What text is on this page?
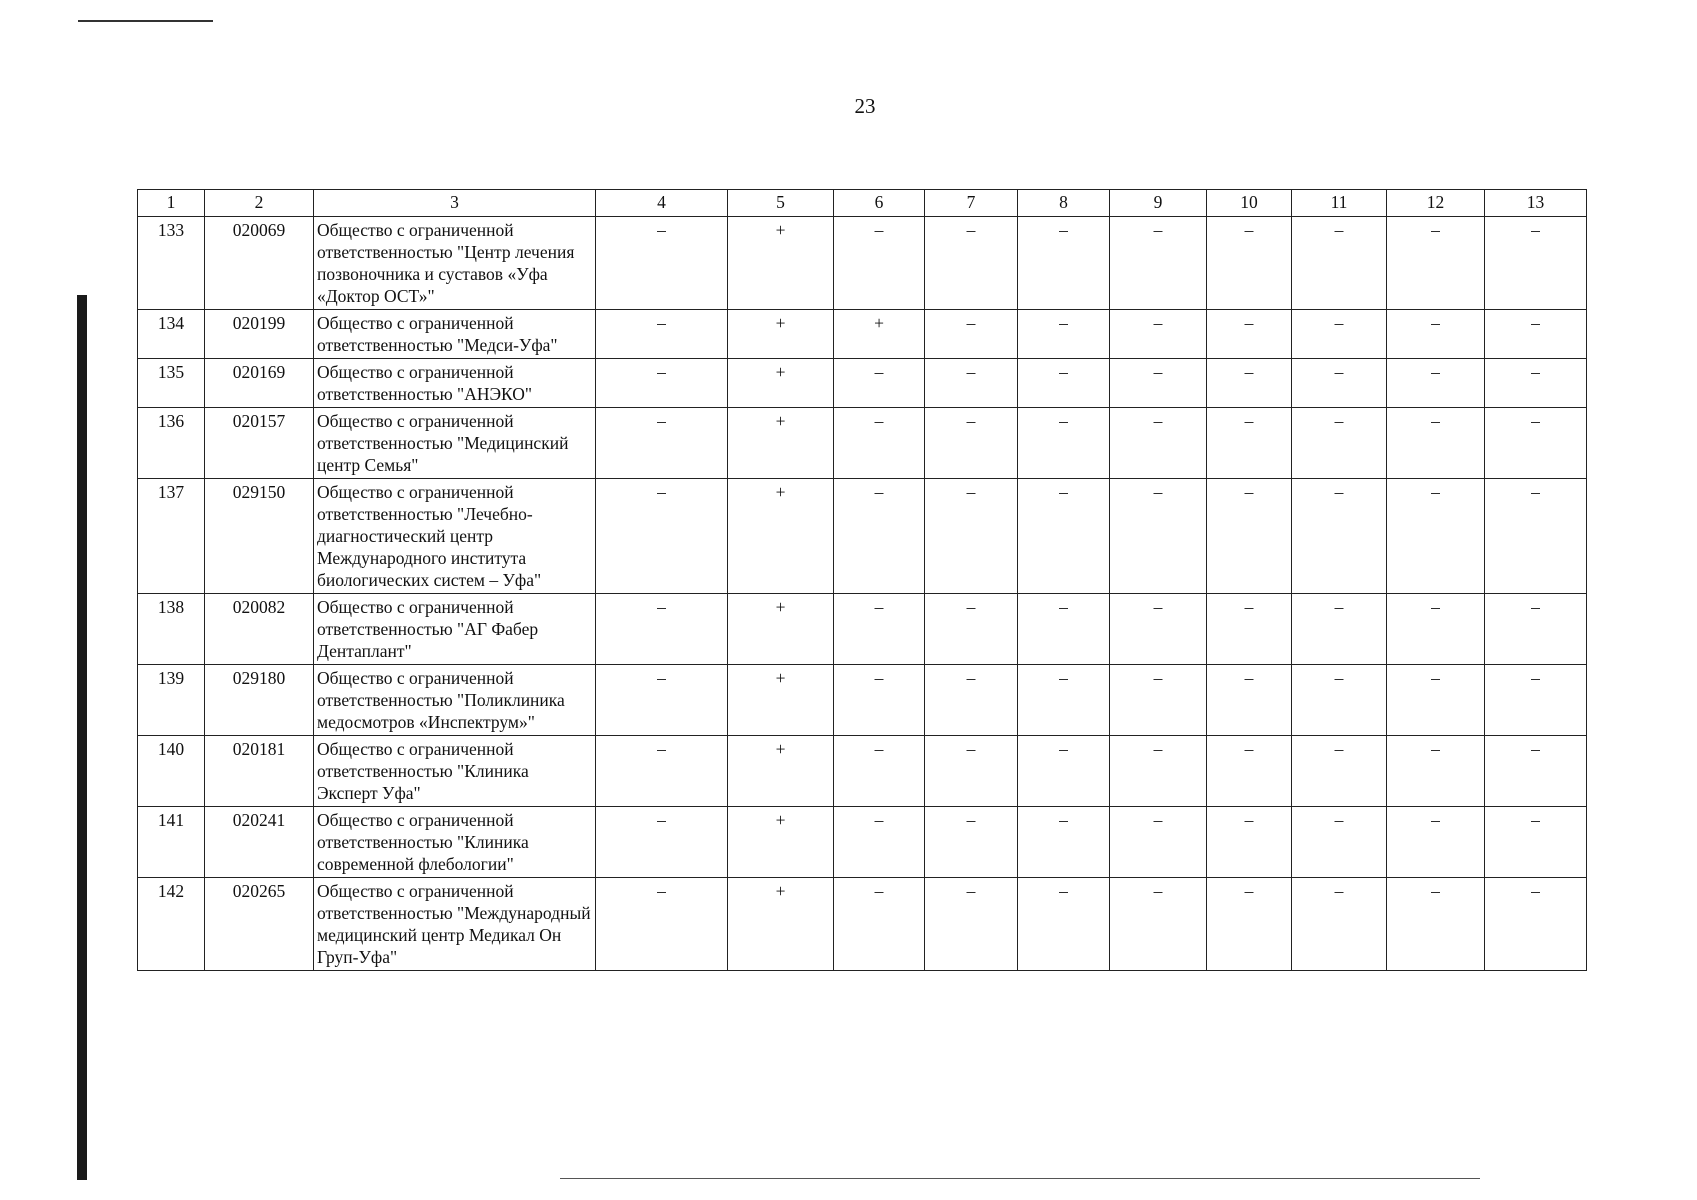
23
1	2	3	4	5	6	7	8	9	10	11	12	13
133	020069	Общество с ограниченной ответственностью "Центр лечения позвоночника и суставов «Уфа «Доктор ОСТ»"	–	+	–	–	–	–	–	–	–	–
134	020199	Общество с ограниченной ответственностью "Медси-Уфа"	–	+	+	–	–	–	–	–	–	–
135	020169	Общество с ограниченной ответственностью "АНЭКО"	–	+	–	–	–	–	–	–	–	–
136	020157	Общество с ограниченной ответственностью "Медицинский центр Семья"	–	+	–	–	–	–	–	–	–	–
137	029150	Общество с ограниченной ответственностью "Лечебно-диагностический центр Международного института биологических систем – Уфа"	–	+	–	–	–	–	–	–	–	–
138	020082	Общество с ограниченной ответственностью "АГ Фабер Дентаплант"	–	+	–	–	–	–	–	–	–	–
139	029180	Общество с ограниченной ответственностью "Поликлиника медосмотров «Инспектрум»"	–	+	–	–	–	–	–	–	–	–
140	020181	Общество с ограниченной ответственностью "Клиника Эксперт Уфа"	–	+	–	–	–	–	–	–	–	–
141	020241	Общество с ограниченной ответственностью "Клиника современной флебологии"	–	+	–	–	–	–	–	–	–	–
142	020265	Общество с ограниченной ответственностью "Международный медицинский центр Медикал Он Груп-Уфа"	–	+	–	–	–	–	–	–	–	–
